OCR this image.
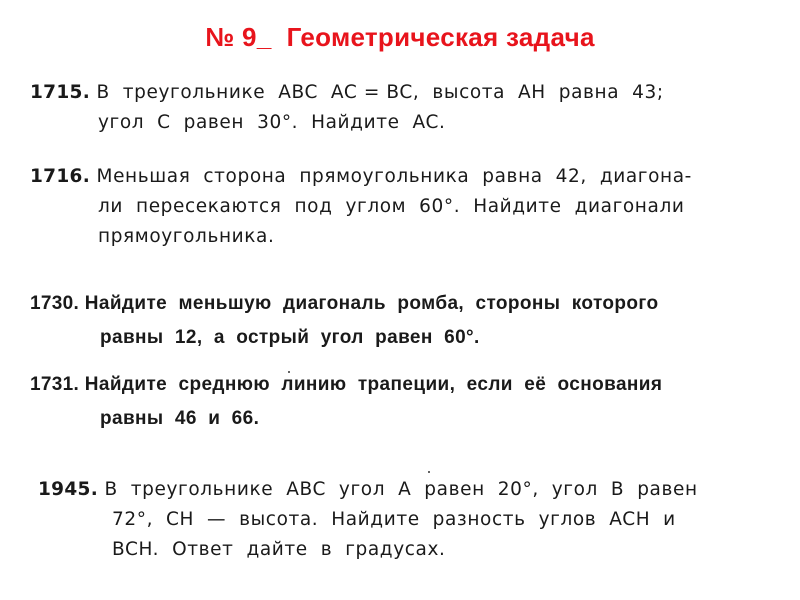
№ 9_  Геометрическая задача
1715. В  треугольнике  ABC  AC = BC,  высота  AH  равна  43;
угол  C  равен  30°.  Найдите  AC.
1716. Меньшая  сторона  прямоугольника  равна  42,  диагона-
ли  пересекаются  под  углом  60°.  Найдите  диагонали
прямоугольника.
1730. Найдите  меньшую  диагональ  ромба,  стороны  которого
равны  12,  а  острый  угол  равен  60°.
1731. Найдите  среднюю  линию  трапеции,  если  её  основания
равны  46  и  66.
1945. В  треугольнике  ABC  угол  A  равен  20°,  угол  B  равен
72°,  CH  —  высота.  Найдите  разность  углов  ACH  и
BCH.  Ответ  дайте  в  градусах.
